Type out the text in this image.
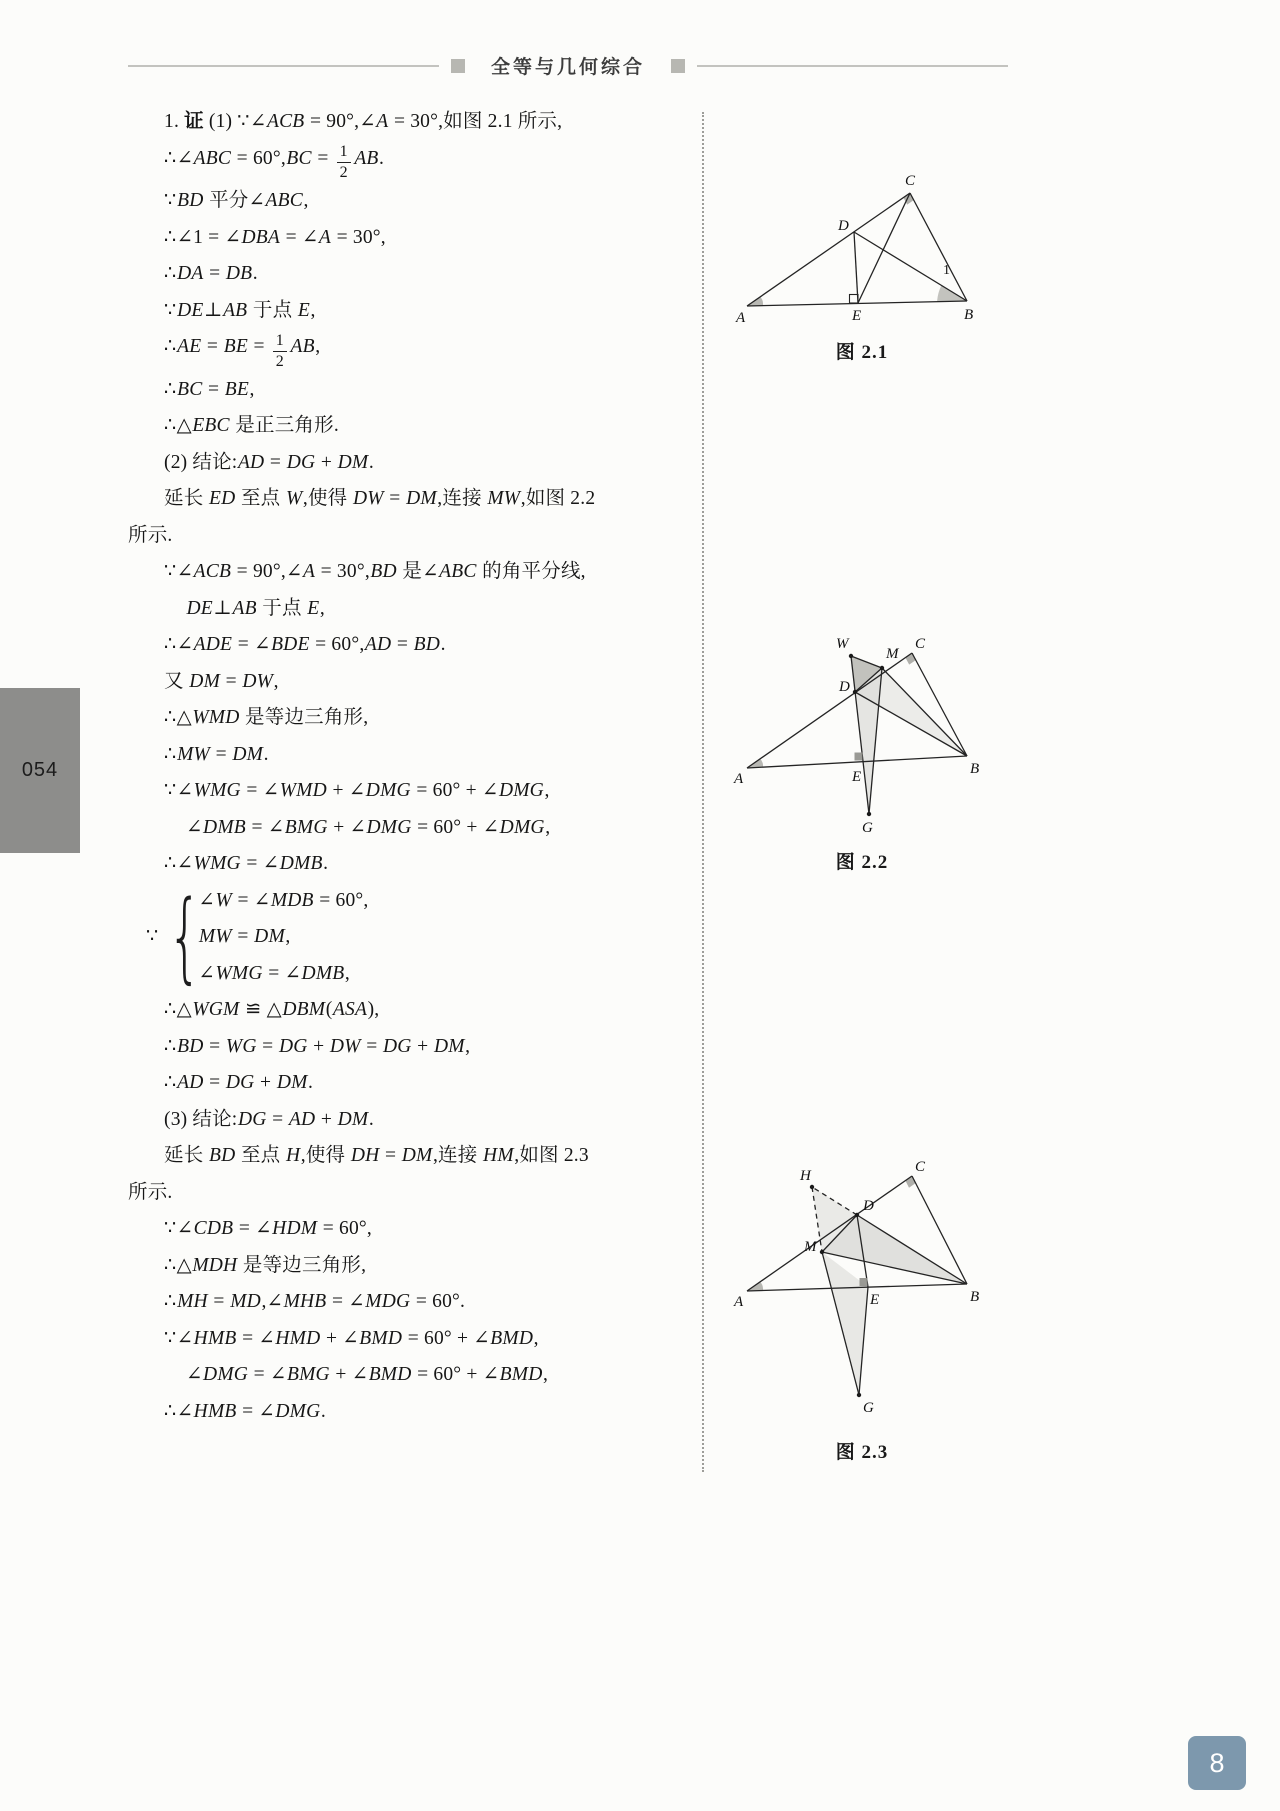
全等与几何综合
054
1. 证 (1) ∵∠ACB = 90°,∠A = 30°,如图 2.1 所示,
∴∠ABC = $60^\circ,BC = \frac{1}{2}$ AB.
∵BD 平分∠ABC,
∴∠1 = ∠DBA = ∠A = 30°,
∴DA = DB.
∵DE⊥AB 于点 E,
∴AE = BE = $\frac{1}{2}$ AB,
∴BC = BE,
∴△EBC 是正三角形.
(2) 结论:AD = DG + DM.
延长 ED 至点 W,使得 DW = DM,连接 MW,如图 2.2
所示.
∵∠ACB = 90°,∠A = 30°,BD 是∠ABC 的角平分线,
DE⊥AB 于点 E,
∴∠ADE = ∠BDE = 60°,AD = BD.
又 DM = DW,
∴△WMD 是等边三角形,
∴MW = DM.
∵∠WMG = ∠WMD + ∠DMG = 60° + ∠DMG,
∠DMB = ∠BMG + ∠DMG = 60° + ∠DMG,
∴∠WMG = ∠DMB.
∵ {
∠W = ∠MDB = 60°,
MW = DM,
∠WMG = ∠DMB,
∴△WGM ≌ △DBM(ASA),
∴BD = WG = DG + DW = DG + DM,
∴AD = DG + DM.
(3) 结论:DG = AD + DM.
延长 BD 至点 H,使得 DH = DM,连接 HM,如图 2.3
所示.
∵∠CDB = ∠HDM = 60°,
∴△MDH 是等边三角形,
∴MH = MD,∠MHB = ∠MDG = 60°.
∵∠HMB = ∠HMD + ∠BMD = 60° + ∠BMD,
∠DMG = ∠BMG + ∠BMD = 60° + ∠BMD,
∴∠HMB = ∠DMG.
A	E	B
C
D
1
图 2.1
A	E	B
C
D
W
M
G
图 2.2
H
C
D
M
A	E	B
G
图 2.3
8
